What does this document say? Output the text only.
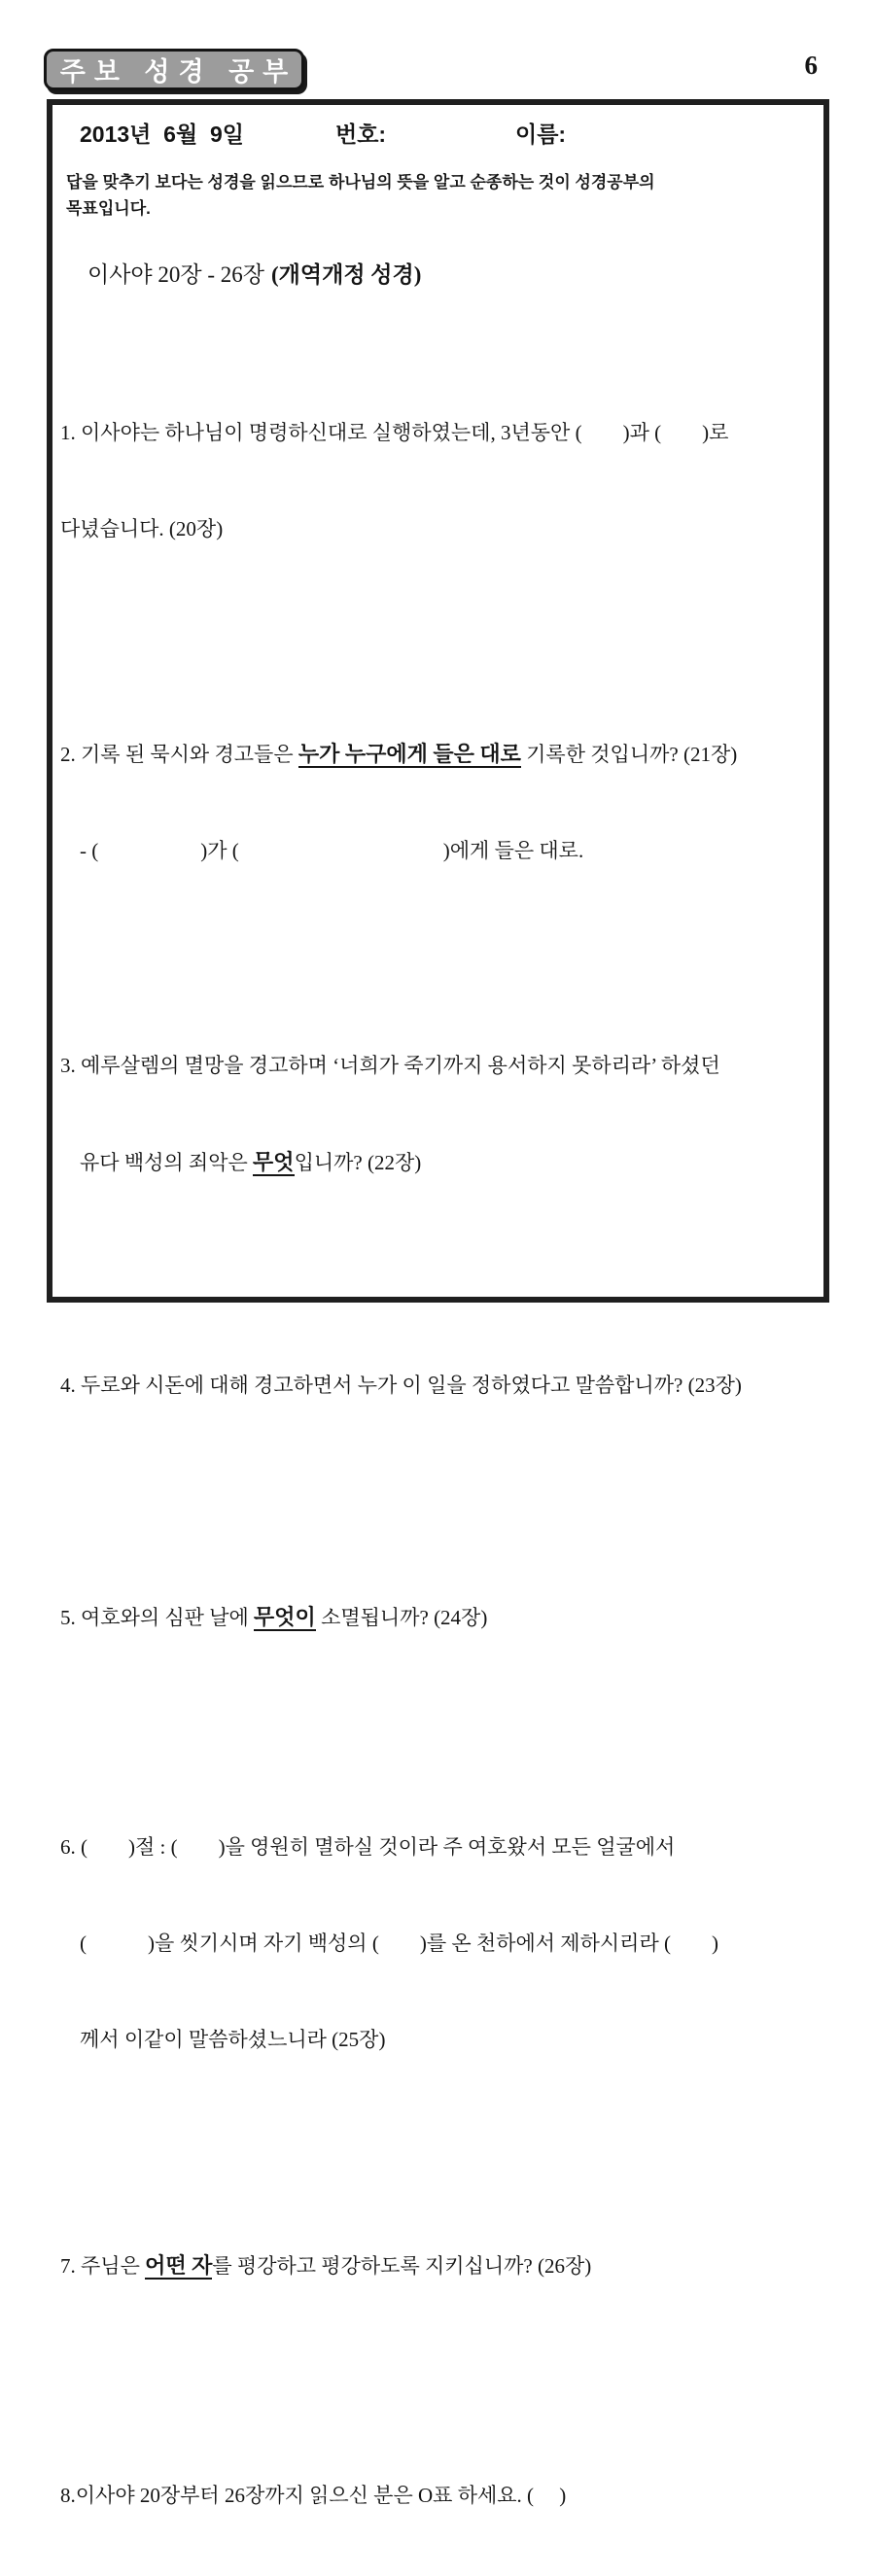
주보 성경 공부	6
2013년  6월  9일	번호:	이름:
답을 맞추기 보다는 성경을 읽으므로 하나님의 뜻을 알고 순종하는 것이 성경공부의
목표입니다.
이사야 20장 - 26장 (개역개정 성경)

1. 이사야는 하나님이 명령하신대로 실행하였는데, 3년동안 (        )과 (        )로

다녔습니다. (20장)

2. 기록 된 묵시와 경고들은 누가 누구에게 들은 대로 기록한 것입니까? (21장)

- (                    )가 (                                        )에게 들은 대로.

3. 예루살렘의 멸망을 경고하며 ‘너희가 죽기까지 용서하지 못하리라’ 하셨던

유다 백성의 죄악은 무엇입니까? (22장)

4. 두로와 시돈에 대해 경고하면서 누가 이 일을 정하였다고 말씀합니까? (23장)

5. 여호와의 심판 날에 무엇이 소멸됩니까? (24장)

6. (        )절 : (        )을 영원히 멸하실 것이라 주 여호왔서 모든 얼굴에서

(            )을 씻기시며 자기 백성의 (        )를 온 천하에서 제하시리라 (        )

께서 이같이 말씀하셨느니라 (25장)

7. 주님은 어떤 자를 평강하고 평강하도록 지키십니까? (26장)

8.이사야 20장부터 26장까지 읽으신 분은 O표 하세요. (     )
